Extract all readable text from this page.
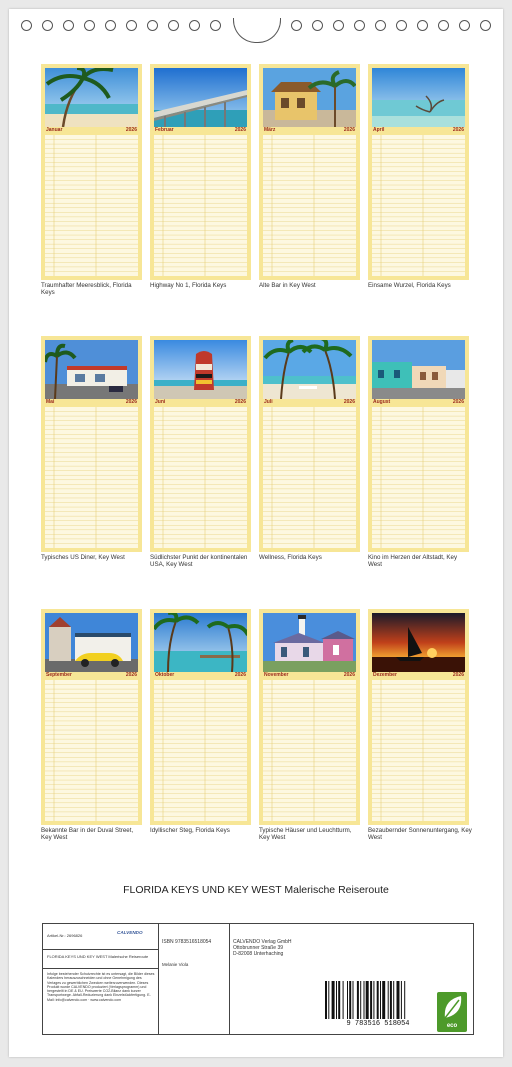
Januar	2026
Traumhafter Meeresblick, Florida Keys
Februar	2026
Highway No 1, Florida Keys
März	2026
Alte Bar in Key West
April	2026
Einsame Wurzel, Florida Keys
Mai	2026
Typisches US Diner, Key West
Juni	2026
Südlichster Punkt der kontinentalen USA, Key West
Juli	2026
Wellness, Florida Keys
August	2026
Kino im Herzen der Altstadt, Key West
September	2026
Bekannte Bar in der Duval Street, Key West
Oktober	2026
Idyllischer Steg, Florida Keys
November	2026
Typische Häuser und Leuchtturm, Key West
Dezember	2026
Bezaubernder Sonnenuntergang, Key West
FLORIDA KEYS UND KEY WEST Malerische Reiseroute
Artikel-Nr.: 2696826
CALVENDO
FLORIDA KEYS UND KEY WEST Malerische Reiseroute
Infolge bestehender Schutzrechte ist es untersagt, die Bilder dieses Kalenders herauszuschneiden und ohne Genehmigung des Verlages zu gewerblichen Zwecken weiterzuverwenden. Dieses Produkt wurde CALVENDO produziert (Verlagsprogramm) und hergestellt in DE & EU. Preiswerte CO2-Bilanz dank kurzer Transportwege. Abfall-Reduzierung dank Einzelstückfertigung. E-Mail: info@calvendo.com · www.calvendo.com
ISBN 9783516518054
Melanie Viola
CALVENDO Verlag GmbH
Ottobrunner Straße 39
D-82008 Unterhaching
9 783516 518054	eco
